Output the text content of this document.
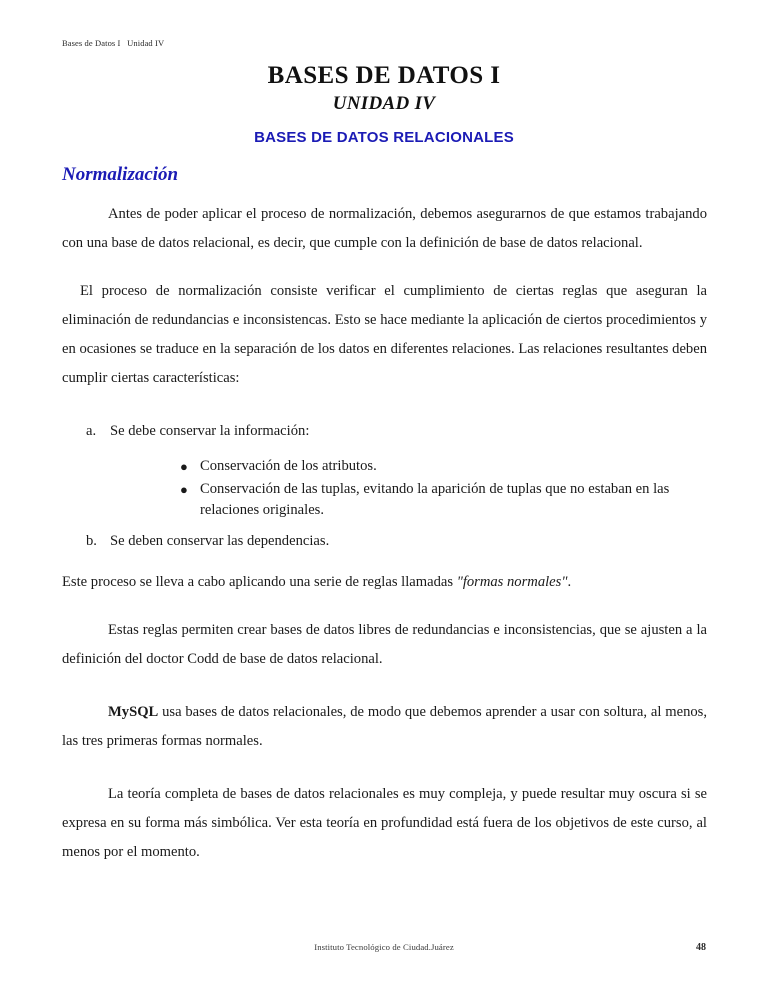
Bases de Datos I   Unidad IV
BASES DE DATOS I
UNIDAD IV
BASES DE DATOS RELACIONALES
Normalización

Antes de poder aplicar el proceso de normalización, debemos asegurarnos de que estamos trabajando con una base de datos relacional, es decir, que cumple con la definición de base de datos relacional.

El proceso de normalización consiste verificar el cumplimiento de ciertas reglas que aseguran la eliminación de redundancias e inconsistencas. Esto se hace mediante la aplicación de ciertos procedimientos y en ocasiones se traduce en la separación de los datos en diferentes relaciones. Las relaciones resultantes deben cumplir ciertas características:

a. Se debe conservar la información:
● Conservación de los atributos.
● Conservación de las tuplas, evitando la aparición de tuplas que no estaban en las relaciones originales.
b. Se deben conservar las dependencias.

Este proceso se lleva a cabo aplicando una serie de reglas llamadas "formas normales".

Estas reglas permiten crear bases de datos libres de redundancias e inconsistencias, que se ajusten a la definición del doctor Codd de base de datos relacional.

MySQL usa bases de datos relacionales, de modo que debemos aprender a usar con soltura, al menos, las tres primeras formas normales.

La teoría completa de bases de datos relacionales es muy compleja, y puede resultar muy oscura si se expresa en su forma más simbólica. Ver esta teoría en profundidad está fuera de los objetivos de este curso, al menos por el momento.

Instituto Tecnológico de Ciudad.Juárez	48
